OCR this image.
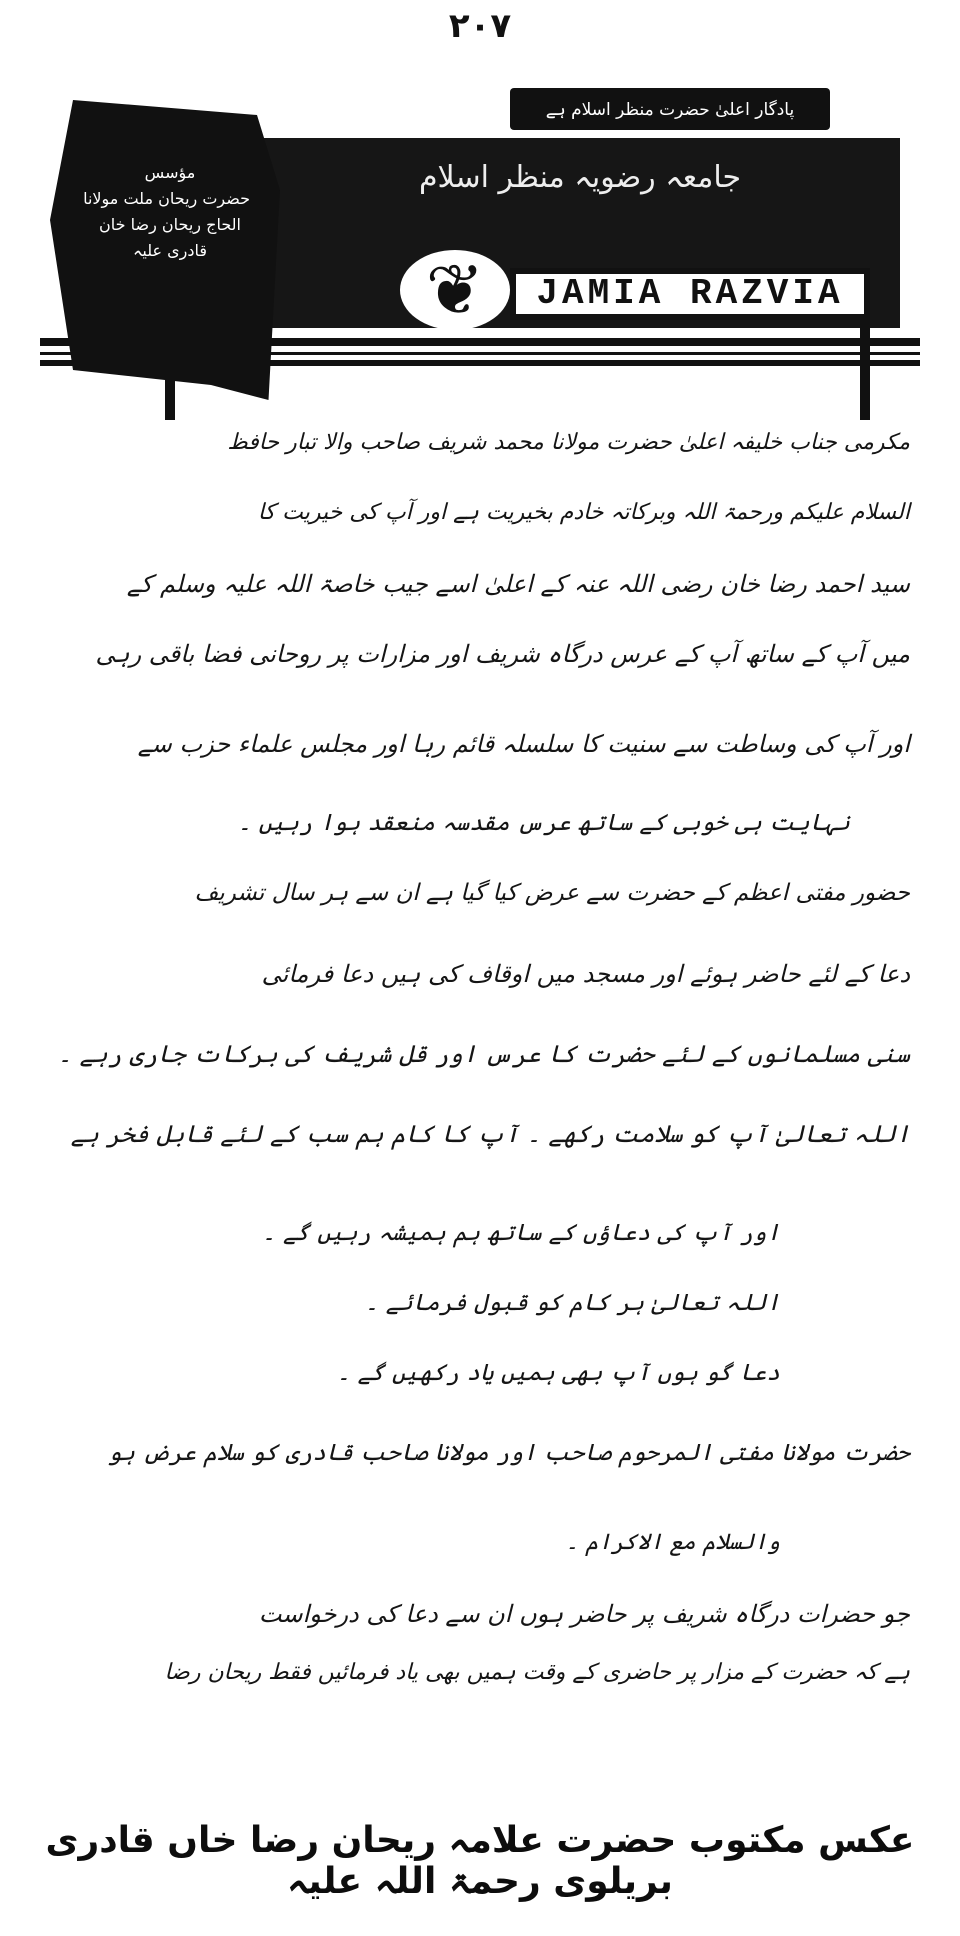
۲۰۷
پادگار اعلیٰ حضرت منظر اسلام ہے
مؤسس
حضرت ریحان ملت مولانا
الحاج ریحان رضا خان
قادری علیہ
جامعہ رضویہ منظر اسلام
❦	JAMIA RAZVIA
مکرمی جناب خلیفہ اعلیٰ حضرت مولانا محمد شریف صاحب والا تبار حافظ
السلام علیکم ورحمۃ اللہ وبرکاتہ خادم بخیریت ہے اور آپ کی خیریت کا
سید احمد رضا خان رضی اللہ عنہ کے اعلیٰ اسے جیب خاصۃ اللہ علیہ وسلم کے
میں آپ کے ساتھ آپ کے عرس درگاہ شریف اور مزارات پر روحانی فضا باقی رہی
اور آپ کی وساطت سے سنیت کا سلسلہ قائم رہا اور مجلس علماء حزب سے
نہایت ہی خوبی کے ساتھ عرس مقدسہ منعقد ہوا رہیں ۔
حضور مفتی اعظم کے حضرت سے عرض کیا گیا ہے ان سے ہر سال تشریف
دعا کے لئے حاضر ہوئے اور مسجد میں اوقاف کی ہیں دعا فرمائی
سنی مسلمانوں کے لئے حضرت کا عرس اور قل شریف کی برکات جاری رہے ۔
اللہ تعالیٰ آپ کو سلامت رکھے ۔ آپ کا کام ہم سب کے لئے قابل فخر ہے
اور آپ کی دعاؤں کے ساتھ ہم ہمیشہ رہیں گے ۔
اللہ تعالیٰ ہر کام کو قبول فرمائے ۔
دعا گو ہوں آپ بھی ہمیں یاد رکھیں گے ۔
حضرت مولانا مفتی المرحوم صاحب اور مولانا صاحب قادری کو سلام عرض ہو
والسلام مع الاکرام ۔
جو حضرات درگاہ شریف پر حاضر ہوں ان سے دعا کی درخواست
ہے کہ حضرت کے مزار پر حاضری کے وقت ہمیں بھی یاد فرمائیں فقط ریحان رضا
عکس مکتوب حضرت علامہ ریحان رضا خاں قادری بریلوی رحمۃ اللہ علیہ
